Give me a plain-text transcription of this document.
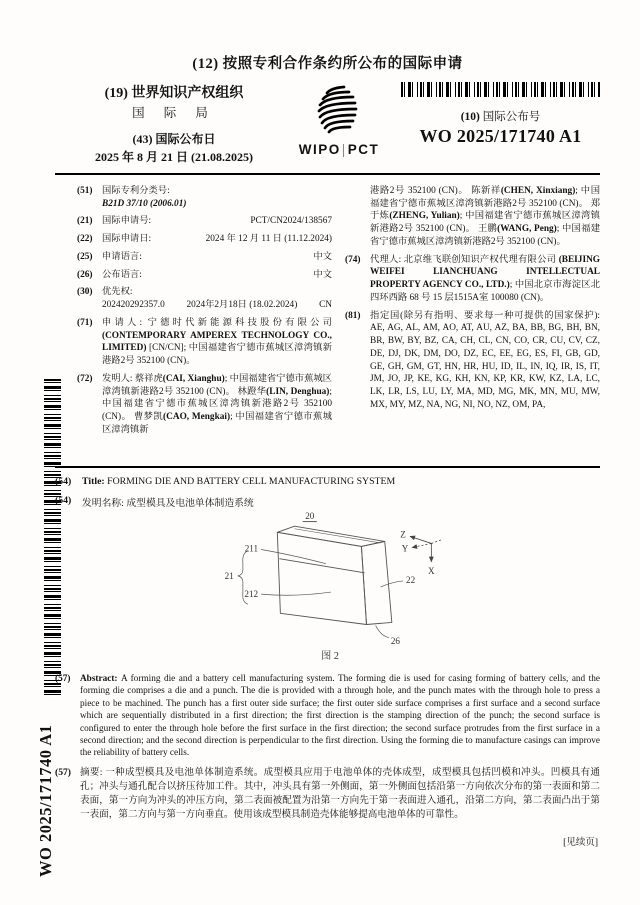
WO 2025/171740 A1
(12) 按照专利合作条约所公布的国际申请
(19) 世界知识产权组织
国 际 局
(43) 国际公布日
2025 年 8 月 21 日 (21.08.2025)	WIPO|PCT
(10) 国际公布号
WO 2025/171740 A1
(51)	国际专利分类号:
B21D 37/10 (2006.01)
(21)	国际申请号:	PCT/CN2024/138567
(22)	国际申请日:	2024 年 12 月 11 日 (11.12.2024)
(25)	申请语言:	中文
(26)	公布语言:	中文
(30)	优先权:
202420292357.0 2024年2月18日 (18.02.2024) CN
(71)	申请人: 宁德时代新能源科技股份有限公司 (CONTEMPORARY AMPEREX TECHNOLOGY CO., LIMITED) [CN/CN]; 中国福建省宁德市蕉城区漳湾镇新港路2号 352100 (CN)。
(72)	发明人: 蔡祥虎(CAI, Xianghu); 中国福建省宁德市蕉城区漳湾镇新港路2号 352100 (CN)。 林蹬华(LIN, Denghua); 中国福建省宁德市蕉城区漳湾镇新港路2号 352100 (CN)。 曹梦凯(CAO, Mengkai); 中国福建省宁德市蕉城区漳湾镇新
港路2号 352100 (CN)。 陈新祥(CHEN, Xinxiang); 中国福建省宁德市蕉城区漳湾镇新港路2号 352100 (CN)。 郑于炼(ZHENG, Yulian); 中国福建省宁德市蕉城区漳湾镇新港路2号 352100 (CN)。 王鹏(WANG, Peng); 中国福建省宁德市蕉城区漳湾镇新港路2号 352100 (CN)。
(74)	代理人: 北京维飞联创知识产权代理有限公司 (BEIJING WEIFEI LIANCHUANG INTELLECTUAL PROPERTY AGENCY CO., LTD.); 中国北京市海淀区北四环西路 68 号 15 层1515A室 100080 (CN)。
(81)	指定国(除另有指明、要求每一种可提供的国家保护): AE, AG, AL, AM, AO, AT, AU, AZ, BA, BB, BG, BH, BN, BR, BW, BY, BZ, CA, CH, CL, CN, CO, CR, CU, CV, CZ, DE, DJ, DK, DM, DO, DZ, EC, EE, EG, ES, FI, GB, GD, GE, GH, GM, GT, HN, HR, HU, ID, IL, IN, IQ, IR, IS, IT, JM, JO, JP, KE, KG, KH, KN, KP, KR, KW, KZ, LA, LC, LK, LR, LS, LU, LY, MA, MD, MG, MK, MN, MU, MW, MX, MY, MZ, NA, NG, NI, NO, NZ, OM, PA,
(54)	Title: FORMING DIE AND BATTERY CELL MANUFACTURING SYSTEM
(54)	发明名称: 成型模具及电池单体制造系统
20
211
21
212
22
26
Z
Y
X
图 2
(57)	Abstract: A forming die and a battery cell manufacturing system. The forming die is used for casing forming of battery cells, and the forming die comprises a die and a punch. The die is provided with a through hole, and the punch mates with the through hole to press a piece to be machined. The punch has a first outer side surface; the first outer side surface comprises a first surface and a second surface which are sequentially distributed in a first direction; the first direction is the stamping direction of the punch; the second surface is configured to enter the through hole before the first surface in the first direction; the second surface protrudes from the first surface in a second direction; and the second direction is perpendicular to the first direction. Using the forming die to manufacture casings can improve the reliability of battery cells.
(57) 摘要: 一种成型模具及电池单体制造系统。成型模具应用于电池单体的壳体成型，成型模具包括凹模和冲头。凹模具有通孔；冲头与通孔配合以挤压待加工件。其中，冲头具有第一外侧面，第一外侧面包括沿第一方向依次分布的第一表面和第二表面，第一方向为冲头的冲压方向，第二表面被配置为沿第一方向先于第一表面进入通孔，沿第二方向，第二表面凸出于第一表面，第二方向与第一方向垂直。使用该成型模具制造壳体能够提高电池单体的可靠性。
[见续页]
